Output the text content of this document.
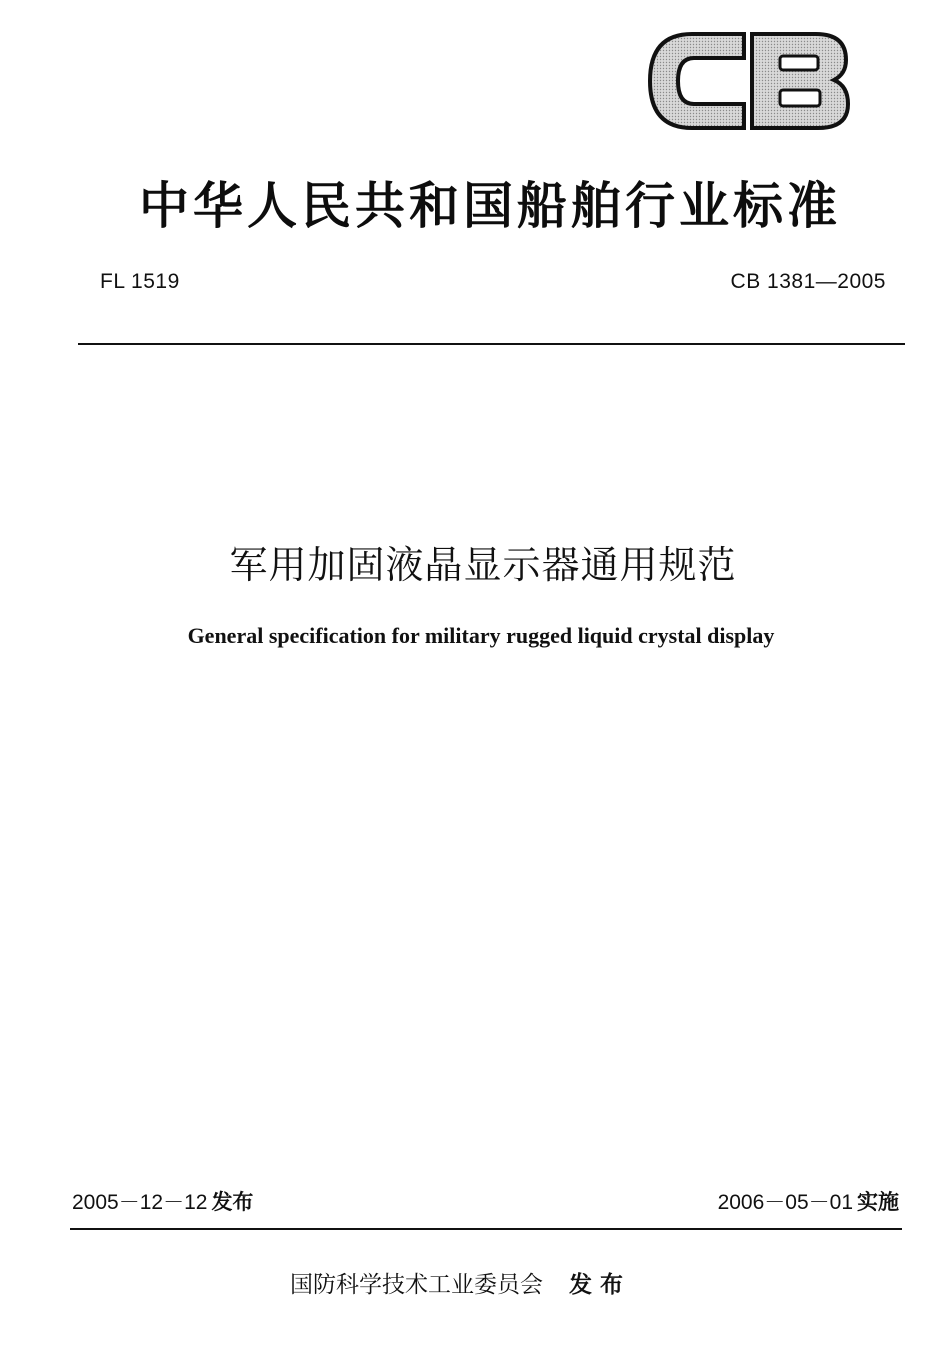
中华人民共和国船舶行业标准
FL 1519	CB 1381—2005
军用加固液晶显示器通用规范
General specification for military rugged liquid crystal display
2005－12－12 发布	2006－05－01 实施
国防科学技术工业委员会 发 布
